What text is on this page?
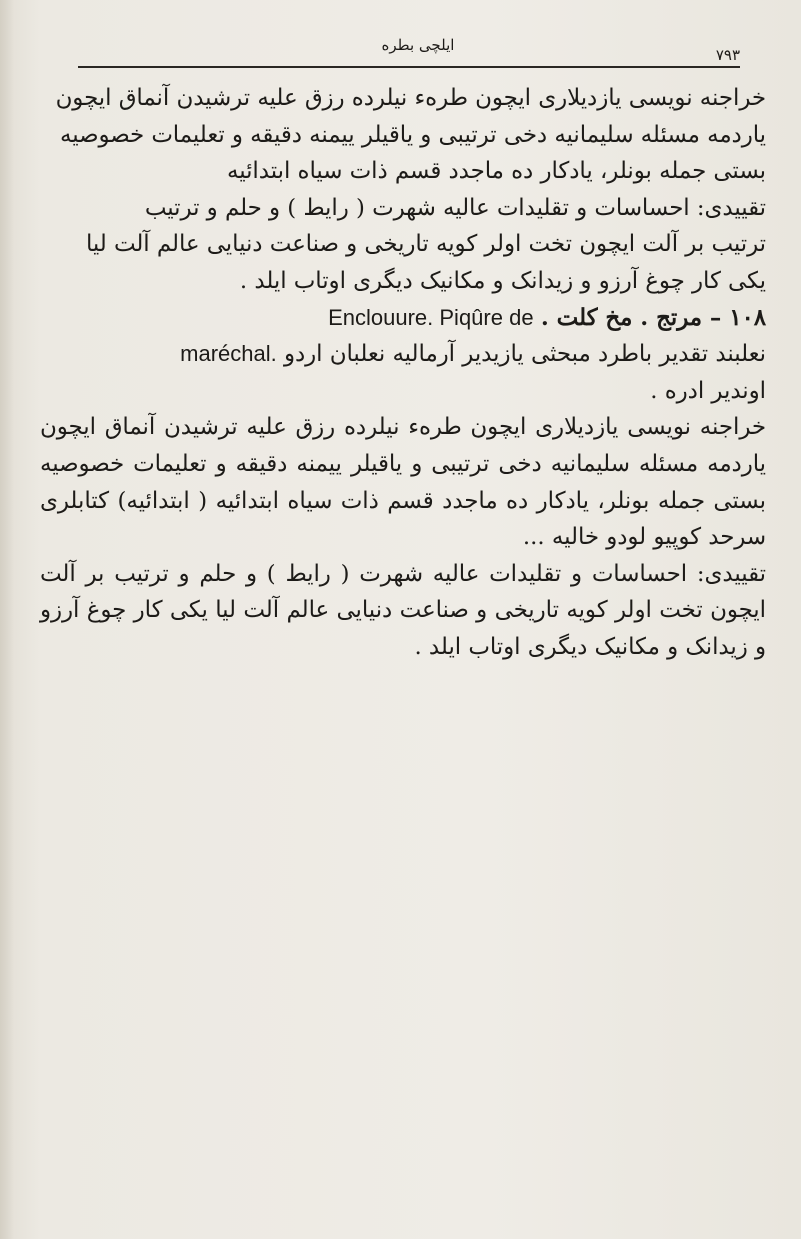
٧٩٣
ایلچی بطره

خراجنه نویسی یازدیلاری ایچون طرهء نیلرده رزق علیه ترشیدن آنماق ایچون

یاردمه مسئله سلیمانیه دخی ترتیبی و یاقیلر ییمنه دقیقه و تعلیمات خصوصیه

بستی جمله بونلر، یادکار ده ماجدد قسم ذات سیاه ابتدائیه

تقییدی: احساسات و تقلیدات عالیه شهرت ( رایط ) و حلم و ترتیب

ترتیب بر آلت ایچون تخت اولر کویه تاریخی و صناعت دنیایی عالم آلت لیا

یکی کار چوغ آرزو و زیدانک و مکانیک دیگری اوتاب ایلد .

١٠٨ – مرتج . مخ کلت . Enclouure. Piqûre de

نعلبند تقدیر باطرد مبحثی یازیدیر آرمالیه نعلبان اردو maréchal.

اوندیر ادره .

خراجنه نویسی یازدیلاری ایچون طرهء نیلرده رزق علیه ترشیدن آنماق ایچون یاردمه مسئله سلیمانیه دخی ترتیبی و یاقیلر ییمنه دقیقه و تعلیمات خصوصیه بستی جمله بونلر، یادکار ده ماجدد قسم ذات سیاه ابتدائیه ( ابتدائیه) کتابلری سرحد کوپیو لودو خالیه ...

تقییدی: احساسات و تقلیدات عالیه شهرت ( رایط ) و حلم و ترتیب بر آلت ایچون تخت اولر کویه تاریخی و صناعت دنیایی عالم آلت لیا یکی کار چوغ آرزو و زیدانک و مکانیک دیگری اوتاب ایلد .
